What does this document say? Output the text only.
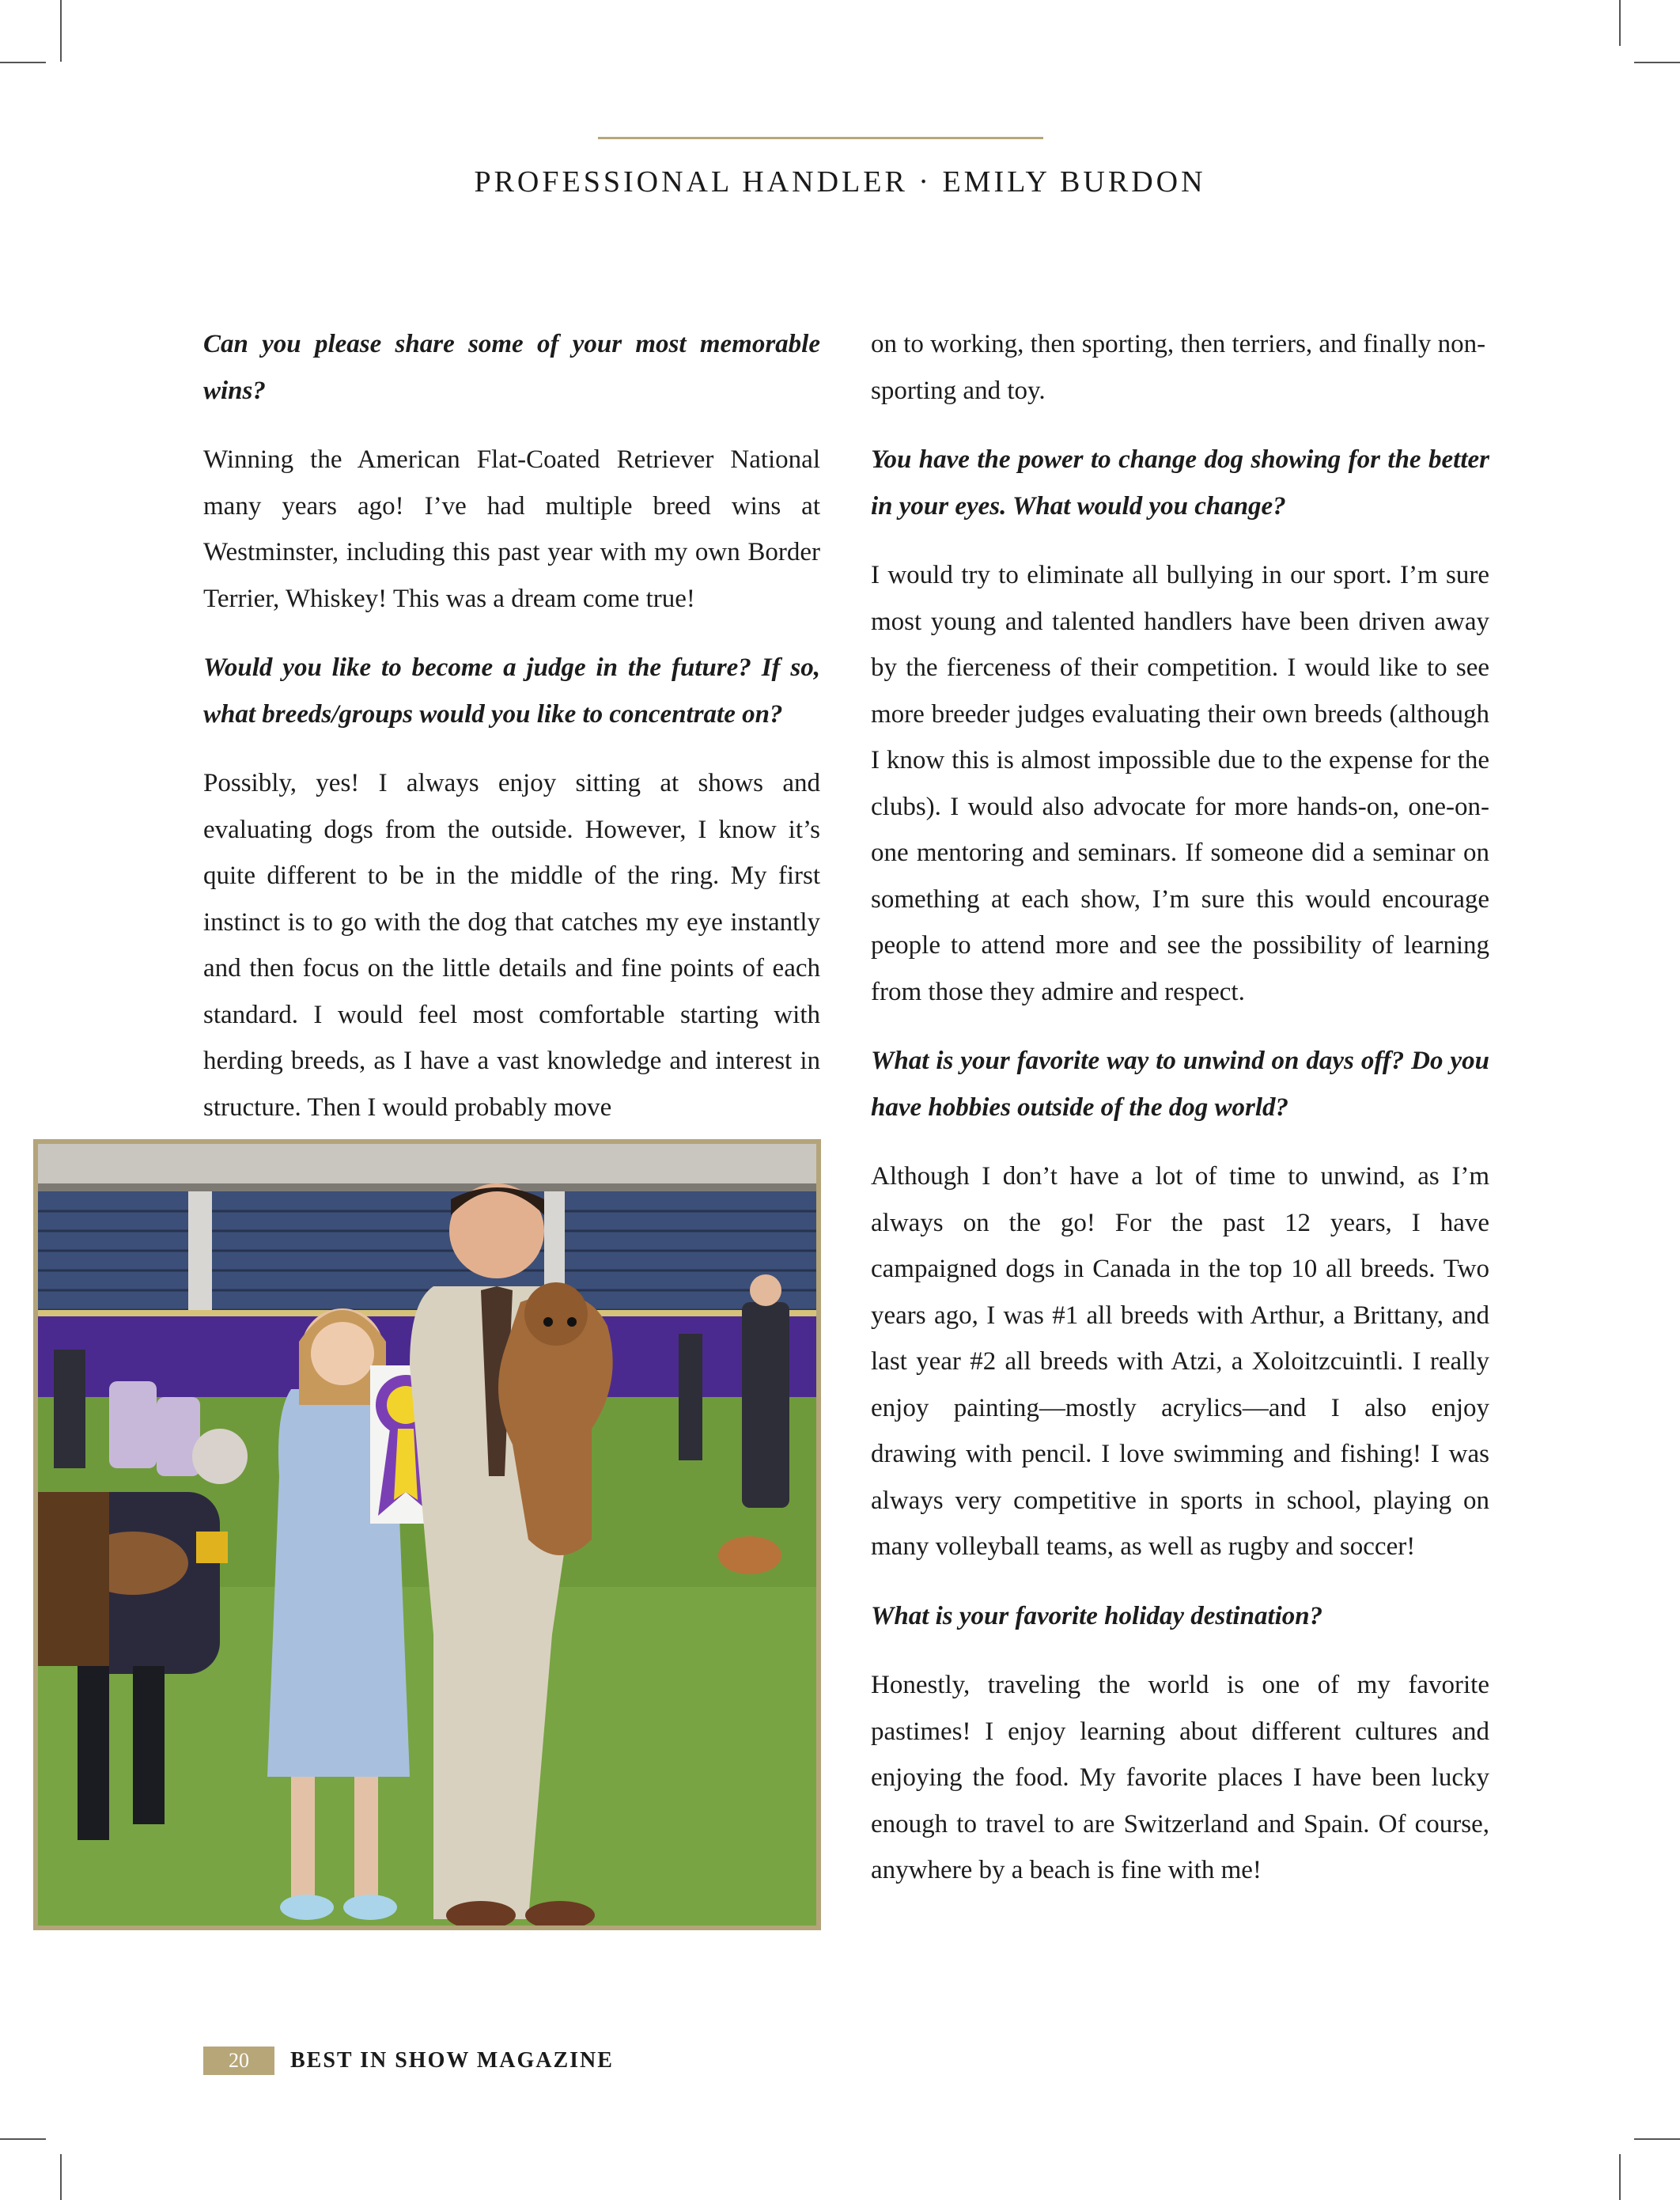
PROFESSIONAL HANDLER · EMILY BURDON

Can you please share some of your most memorable wins?

Winning the American Flat-Coated Retriever National many years ago! I’ve had multiple breed wins at Westminster, including this past year with my own Border Terrier, Whiskey! This was a dream come true!

Would you like to become a judge in the future? If so, what breeds/groups would you like to concentrate on?

Possibly, yes! I always enjoy sitting at shows and evaluating dogs from the outside. However, I know it’s quite different to be in the middle of the ring. My first instinct is to go with the dog that catches my eye instantly and then focus on the little details and fine points of each standard. I would feel most comfortable starting with herding breeds, as I have a vast knowledge and interest in structure. Then I would probably move

on to working, then sporting, then terriers, and finally non-sporting and toy.

You have the power to change dog showing for the better in your eyes. What would you change?

I would try to eliminate all bullying in our sport. I’m sure most young and talented handlers have been driven away by the fierceness of their competition. I would like to see more breeder judges evaluating their own breeds (although I know this is almost impossible due to the expense for the clubs). I would also advocate for more hands-on, one-on-one mentoring and seminars. If someone did a seminar on something at each show, I’m sure this would encourage people to attend more and see the possibility of learning from those they admire and respect.

What is your favorite way to unwind on days off? Do you have hobbies outside of the dog world?

Although I don’t have a lot of time to unwind, as I’m always on the go! For the past 12 years, I have campaigned dogs in Canada in the top 10 all breeds. Two years ago, I was #1 all breeds with Arthur, a Brittany, and last year #2 all breeds with Atzi, a Xoloitzcuintli. I really enjoy painting—mostly acrylics—and I also enjoy drawing with pencil. I love swimming and fishing! I was always very competitive in sports in school, playing on many volleyball teams, as well as rugby and soccer!

What is your favorite holiday destination?

Honestly, traveling the world is one of my favorite pastimes! I enjoy learning about different cultures and enjoying the food. My favorite places I have been lucky enough to travel to are Switzerland and Spain. Of course, anywhere by a beach is fine with me!

20	BEST IN SHOW MAGAZINE
